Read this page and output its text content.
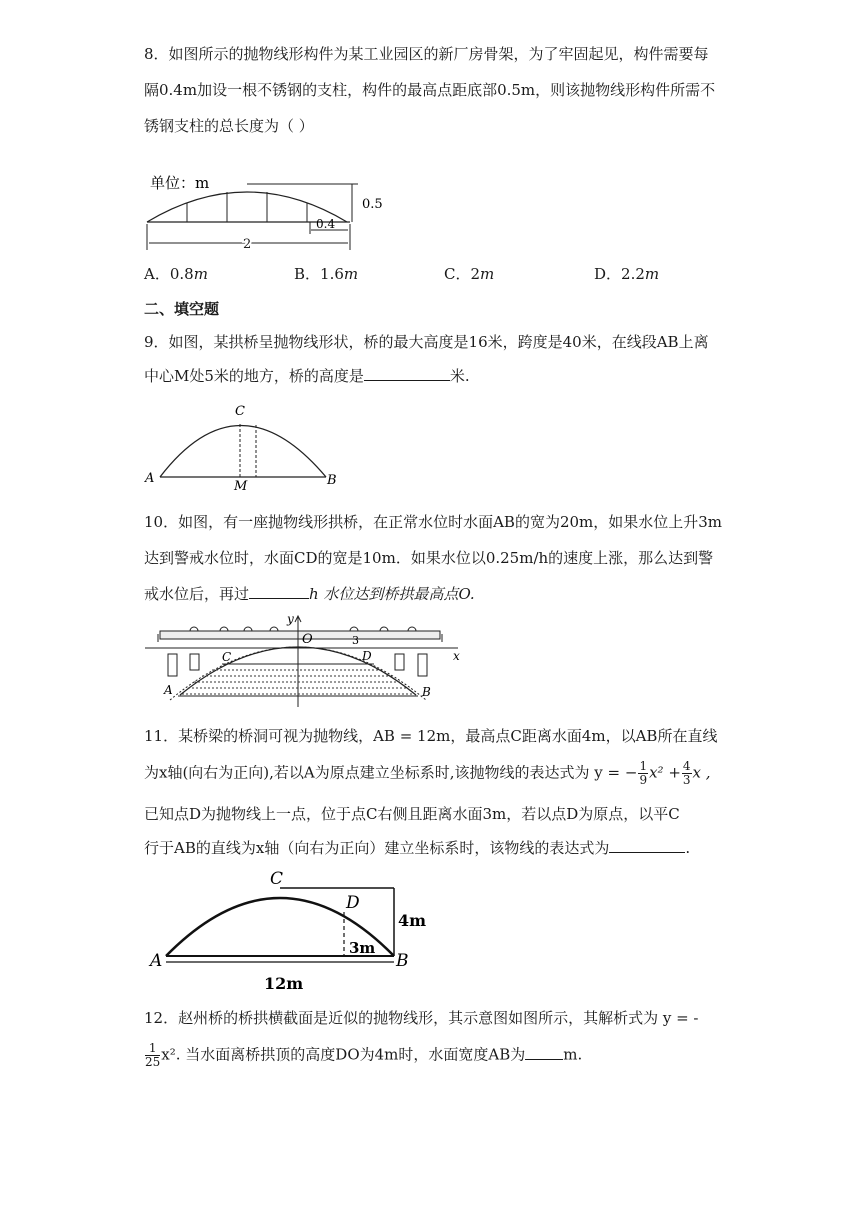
8．如图所示的抛物线形构件为某工业园区的新厂房骨架，为了牢固起见，构件需要每
隔0.4m加设一根不锈钢的支柱，构件的最高点距底部0.5m，则该抛物线形构件所需不
锈钢支柱的总长度为（ ）
单位：m
0.5
2
0.4
A．0.8m	B．1.6m	C．2m	D．2.2m
二、填空题
9．如图，某拱桥呈抛物线形状，桥的最大高度是16米，跨度是40米，在线段AB上离
中心M处5米的地方，桥的高度是	米.
C
A	B
M
10．如图，有一座抛物线形拱桥，在正常水位时水面AB的宽为20m，如果水位上升3m
达到警戒水位时，水面CD的宽是10m．如果水位以0.25m/h的速度上涨，那么达到警
戒水位后，再过	h 水位达到桥拱最高点O.
x
y
O	3
C	D
A	B
11．某桥梁的桥洞可视为抛物线，AB = 12m，最高点C距离水面4m，以AB所在直线
为x轴(向右为正向),若以A为原点建立坐标系时,该抛物线的表达式为 y = − $\frac{1}{9} x^2 + \frac{4}{3}$ x ,
已知点D为抛物线上一点，位于点C右侧且距离水面3m，若以点D为原点，以平C
行于AB的直线为x轴（向右为正向）建立坐标系时，该物线的表达式为	.
A	B
C
D
4m
3m
12m
12．赵州桥的桥拱横截面是近似的抛物线形，其示意图如图所示，其解析式为 y = -
$\frac{1}{25} x^2$. 当水面离桥拱顶的高度DO为4m时，水面宽度AB为	m.
